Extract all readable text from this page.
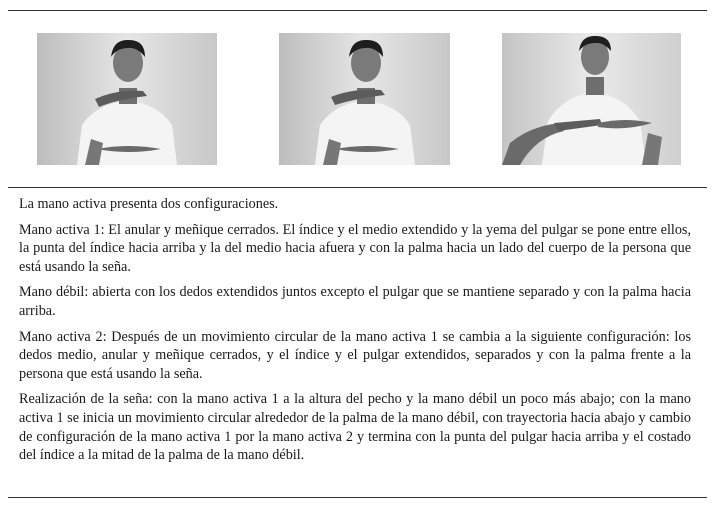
La mano activa presenta dos configuraciones.

Mano activa 1: El anular y meñique cerrados. El índice y el medio extendido y la yema del pulgar se pone entre ellos, la punta del índice hacia arriba y la del medio hacia afuera y con la palma hacia un lado del cuerpo de la persona que está usando la seña.

Mano débil: abierta con los dedos extendidos juntos excepto el pulgar que se mantiene separado y con la palma hacia arriba.

Mano activa 2: Después de un movimiento circular de la mano activa 1 se cambia a la siguiente configuración: los dedos medio, anular y meñique cerrados, y el índice y el pulgar extendidos, separados y con la palma frente a la persona que está usando la seña.

Realización de la seña: con la mano activa 1 a la altura del pecho y la mano débil un poco más abajo; con la mano activa 1 se inicia un movimiento circular alrededor de la palma de la mano débil, con trayectoria hacia abajo y cambio de configuración de la mano activa 1 por la mano activa 2 y termina con la punta del pulgar hacia arriba y el costado del índice a la mitad de la palma de la mano débil.
